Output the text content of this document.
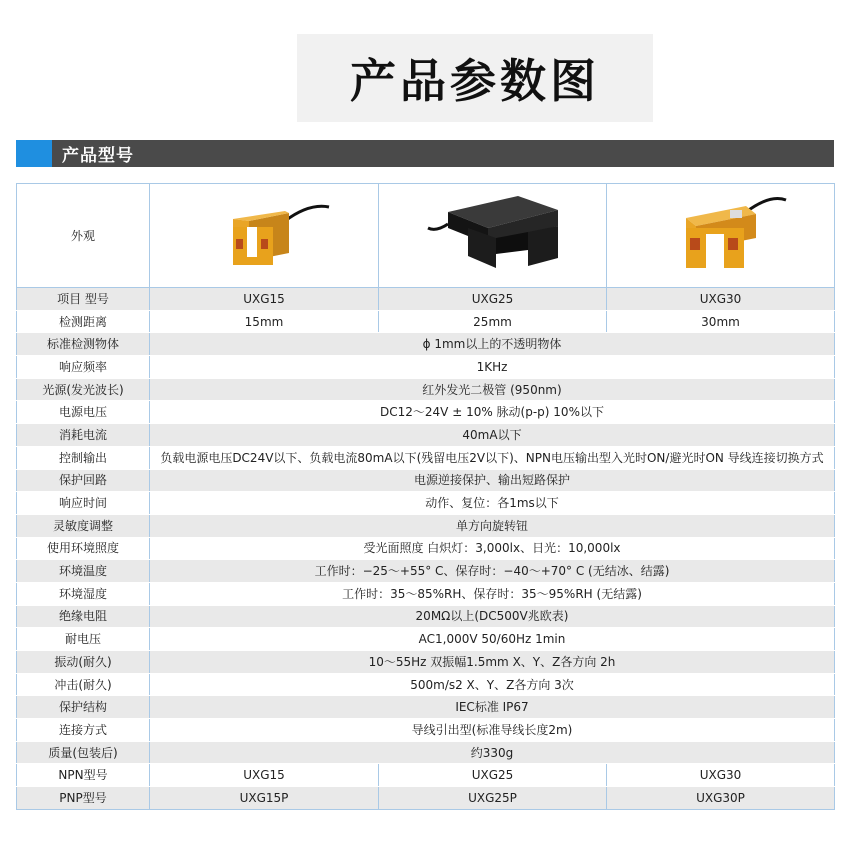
产品参数图
产品型号
外观	

项目 型号	UXG15	UXG25	UXG30
检测距离	15mm	25mm	30mm
标准检测物体	ϕ 1mm以上的不透明物体		
响应频率	1KHz		
光源(发光波长)	红外发光二极管 (950nm)		
电源电压	DC12～24V ± 10% 脉动(p-p) 10%以下		
消耗电流	40mA以下		
控制输出	负载电源电压DC24V以下、负载电流80mA以下(残留电压2V以下)、NPN电压输出型入光时ON/避光时ON 导线连接切换方式		
保护回路	电源逆接保护、输出短路保护		
响应时间	动作、复位：各1ms以下		
灵敏度调整	单方向旋转钮		
使用环境照度	受光面照度 白炽灯：3,000lx、日光：10,000lx		
环境温度	工作时：−25～+55° C、保存时：−40～+70° C (无结冰、结露)		
环境湿度	工作时：35～85%RH、保存时：35～95%RH (无结露)		
绝缘电阻	20MΩ以上(DC500V兆欧表)		
耐电压	AC1,000V 50/60Hz 1min		
振动(耐久)	10～55Hz 双振幅1.5mm X、Y、Z各方向 2h		
冲击(耐久)	500m/s2 X、Y、Z各方向 3次		
保护结构	IEC标准 IP67		
连接方式	导线引出型(标准导线长度2m)		
质量(包装后)	约330g		
NPN型号	UXG15	UXG25	UXG30
PNP型号	UXG15P	UXG25P	UXG30P
